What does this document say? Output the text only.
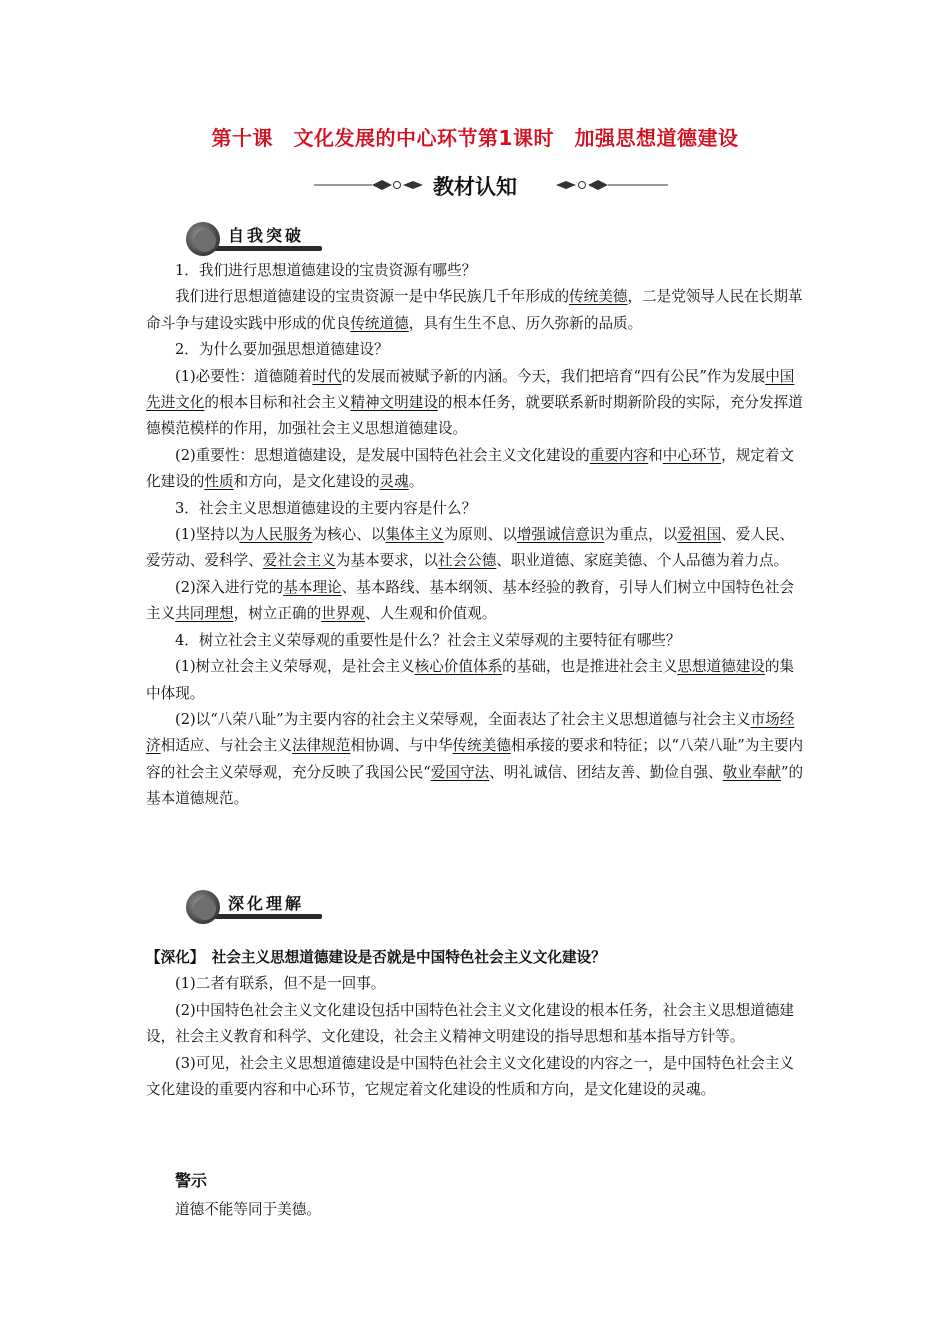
第十课　文化发展的中心环节第1课时　加强思想道德建设
教材认知
自我突破

1．我们进行思想道德建设的宝贵资源有哪些？

我们进行思想道德建设的宝贵资源一是中华民族几千年形成的传统美德，二是党领导人民在长期革命斗争与建设实践中形成的优良传统道德，具有生生不息、历久弥新的品质。

2．为什么要加强思想道德建设？

(1)必要性：道德随着时代的发展而被赋予新的内涵。今天，我们把培育“四有公民”作为发展中国先进文化的根本目标和社会主义精神文明建设的根本任务，就要联系新时期新阶段的实际，充分发挥道德模范模样的作用，加强社会主义思想道德建设。

(2)重要性：思想道德建设，是发展中国特色社会主义文化建设的重要内容和中心环节，规定着文化建设的性质和方向，是文化建设的灵魂。

3．社会主义思想道德建设的主要内容是什么？

(1)坚持以为人民服务为核心、以集体主义为原则、以增强诚信意识为重点，以爱祖国、爱人民、爱劳动、爱科学、爱社会主义为基本要求，以社会公德、职业道德、家庭美德、个人品德为着力点。

(2)深入进行党的基本理论、基本路线、基本纲领、基本经验的教育，引导人们树立中国特色社会主义共同理想，树立正确的世界观、人生观和价值观。

4．树立社会主义荣辱观的重要性是什么？社会主义荣辱观的主要特征有哪些？

(1)树立社会主义荣辱观，是社会主义核心价值体系的基础，也是推进社会主义思想道德建设的集中体现。

(2)以“八荣八耻”为主要内容的社会主义荣辱观，全面表达了社会主义思想道德与社会主义市场经济相适应、与社会主义法律规范相协调、与中华传统美德相承接的要求和特征；以“八荣八耻”为主要内容的社会主义荣辱观，充分反映了我国公民“爱国守法、明礼诚信、团结友善、勤俭自强、敬业奉献”的基本道德规范。

深化理解

【深化】　 社会主义思想道德建设是否就是中国特色社会主义文化建设？

(1)二者有联系，但不是一回事。

(2)中国特色社会主义文化建设包括中国特色社会主义文化建设的根本任务，社会主义思想道德建设，社会主义教育和科学、文化建设，社会主义精神文明建设的指导思想和基本指导方针等。

(3)可见，社会主义思想道德建设是中国特色社会主义文化建设的内容之一，是中国特色社会主义文化建设的重要内容和中心环节，它规定着文化建设的性质和方向，是文化建设的灵魂。

警示
道德不能等同于美德。
